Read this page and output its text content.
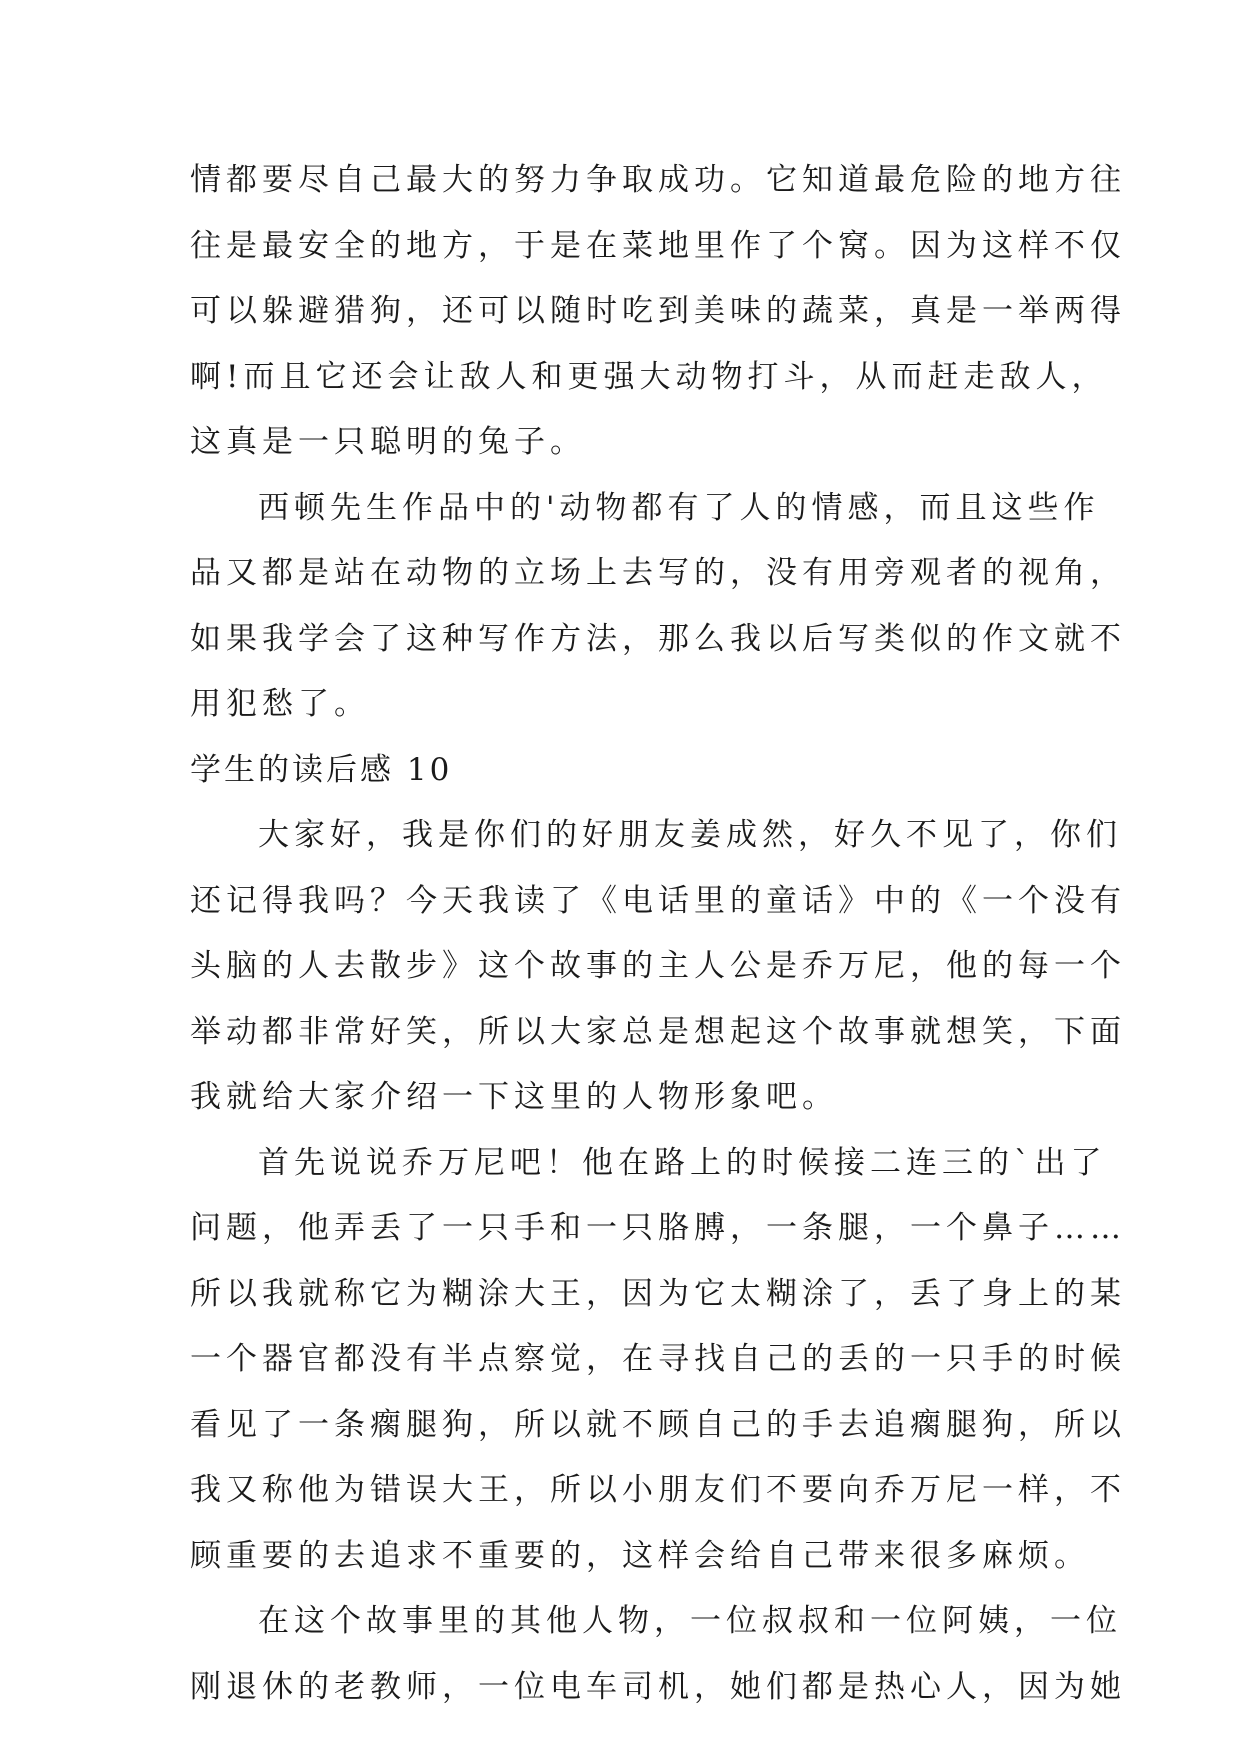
情都要尽自己最大的努力争取成功。它知道最危险的地方往
往是最安全的地方，于是在菜地里作了个窝。因为这样不仅
可以躲避猎狗，还可以随时吃到美味的蔬菜，真是一举两得
啊!而且它还会让敌人和更强大动物打斗，从而赶走敌人，
这真是一只聪明的兔子。
西顿先生作品中的'动物都有了人的情感，而且这些作
品又都是站在动物的立场上去写的，没有用旁观者的视角，
如果我学会了这种写作方法，那么我以后写类似的作文就不
用犯愁了。
学生的读后感 10
大家好，我是你们的好朋友姜成然，好久不见了，你们
还记得我吗？今天我读了《电话里的童话》中的《一个没有
头脑的人去散步》这个故事的主人公是乔万尼，他的每一个
举动都非常好笑，所以大家总是想起这个故事就想笑，下面
我就给大家介绍一下这里的人物形象吧。
首先说说乔万尼吧！他在路上的时候接二连三的`出了
问题，他弄丢了一只手和一只胳膊，一条腿，一个鼻子……
所以我就称它为糊涂大王，因为它太糊涂了，丢了身上的某
一个器官都没有半点察觉，在寻找自己的丢的一只手的时候
看见了一条瘸腿狗，所以就不顾自己的手去追瘸腿狗，所以
我又称他为错误大王，所以小朋友们不要向乔万尼一样，不
顾重要的去追求不重要的，这样会给自己带来很多麻烦。
在这个故事里的其他人物，一位叔叔和一位阿姨，一位
刚退休的老教师，一位电车司机，她们都是热心人，因为她
